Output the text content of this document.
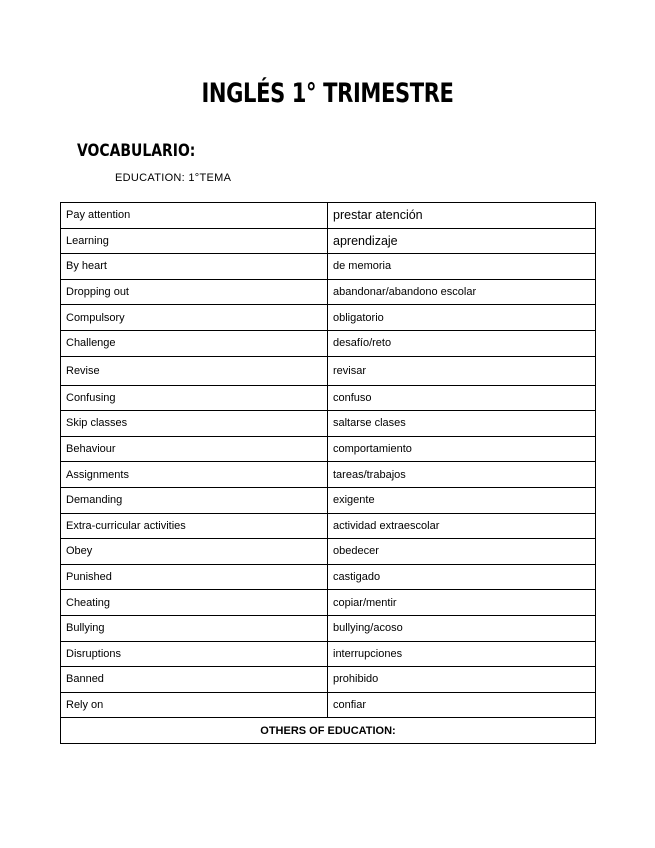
INGLÉS 1° TRIMESTRE
VOCABULARIO:

EDUCATION: 1°TEMA

Pay attention	prestar atención
Learning	aprendizaje
By heart	de memoria
Dropping out	abandonar/abandono escolar
Compulsory	obligatorio
Challenge	desafío/reto
Revise	revisar
Confusing	confuso
Skip classes	saltarse clases
Behaviour	comportamiento
Assignments	tareas/trabajos
Demanding	exigente
Extra-curricular activities	actividad extraescolar
Obey	obedecer
Punished	castigado
Cheating	copiar/mentir
Bullying	bullying/acoso
Disruptions	interrupciones
Banned	prohibido
Rely on	confiar
OTHERS OF EDUCATION:	
